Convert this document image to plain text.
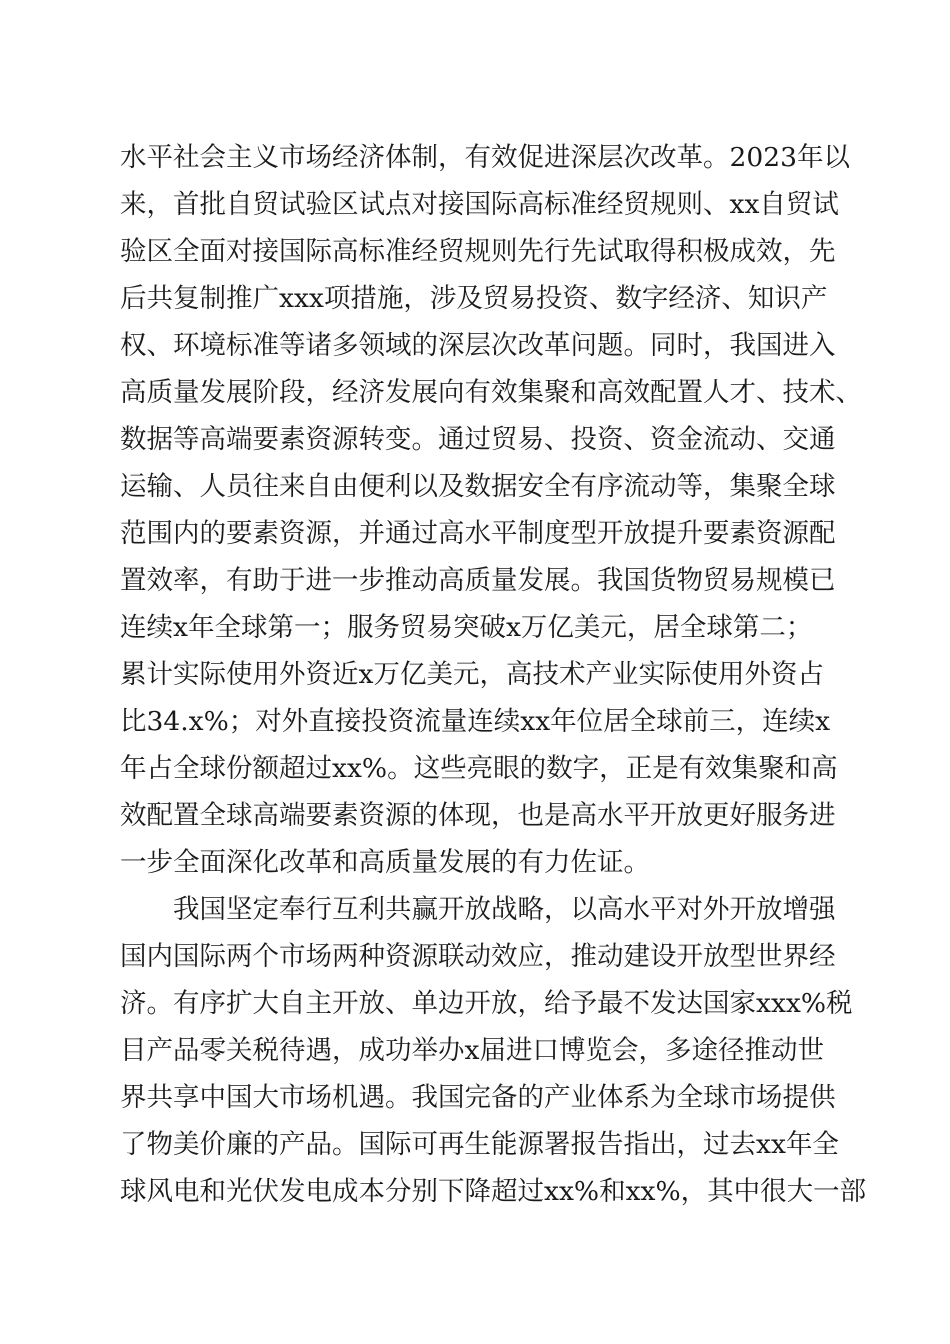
水平社会主义市场经济体制，有效促进深层次改革。2023年以
来，首批自贸试验区试点对接国际高标准经贸规则、xx自贸试
验区全面对接国际高标准经贸规则先行先试取得积极成效，先
后共复制推广xxx项措施，涉及贸易投资、数字经济、知识产
权、环境标准等诸多领域的深层次改革问题。同时，我国进入
高质量发展阶段，经济发展向有效集聚和高效配置人才、技术、
数据等高端要素资源转变。通过贸易、投资、资金流动、交通
运输、人员往来自由便利以及数据安全有序流动等，集聚全球
范围内的要素资源，并通过高水平制度型开放提升要素资源配
置效率，有助于进一步推动高质量发展。我国货物贸易规模已
连续x年全球第一；服务贸易突破x万亿美元，居全球第二；
累计实际使用外资近x万亿美元，高技术产业实际使用外资占
比34.x%；对外直接投资流量连续xx年位居全球前三，连续x
年占全球份额超过xx%。这些亮眼的数字，正是有效集聚和高
效配置全球高端要素资源的体现，也是高水平开放更好服务进
一步全面深化改革和高质量发展的有力佐证。
　　我国坚定奉行互利共赢开放战略，以高水平对外开放增强
国内国际两个市场两种资源联动效应，推动建设开放型世界经
济。有序扩大自主开放、单边开放，给予最不发达国家xxx%税
目产品零关税待遇，成功举办x届进口博览会，多途径推动世
界共享中国大市场机遇。我国完备的产业体系为全球市场提供
了物美价廉的产品。国际可再生能源署报告指出，过去xx年全
球风电和光伏发电成本分别下降超过xx%和xx%，其中很大一部
